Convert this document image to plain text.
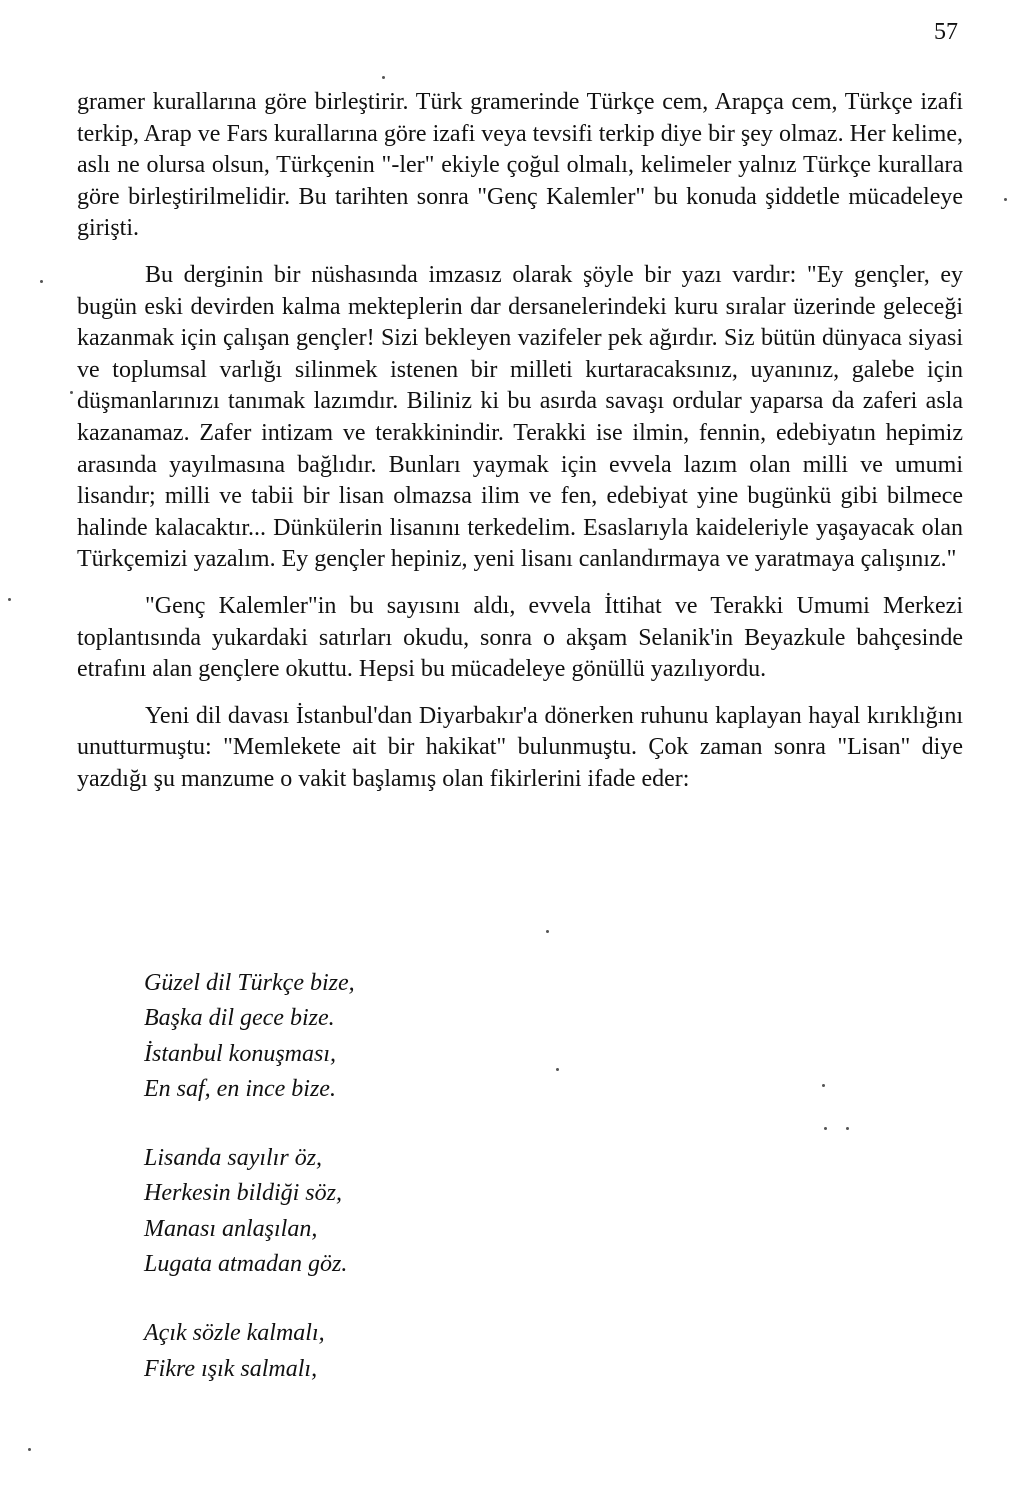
57

gramer kurallarına göre birleştirir. Türk gramerinde Türkçe cem, Arapça cem, Türkçe izafi terkip, Arap ve Fars kurallarına göre izafi veya tevsifi terkip diye bir şey olmaz. Her kelime, aslı ne olursa olsun, Türkçenin "-ler" ekiyle çoğul olmalı, kelimeler yalnız Türkçe kurallara göre birleştirilmelidir. Bu tarihten sonra "Genç Kalemler" bu konuda şiddetle mücadeleye girişti.

Bu derginin bir nüshasında imzasız olarak şöyle bir yazı vardır: "Ey gençler, ey bugün eski devirden kalma mekteplerin dar dersanelerindeki kuru sıralar üzerinde geleceği kazanmak için çalışan gençler! Sizi bekleyen vazifeler pek ağırdır. Siz bütün dünyaca siyasi ve toplumsal varlığı silinmek istenen bir milleti kurtaracaksınız, uyanınız, galebe için düşmanlarınızı tanımak lazımdır. Biliniz ki bu asırda savaşı ordular yaparsa da zaferi asla kazanamaz. Zafer intizam ve terakkinindir. Terakki ise ilmin, fennin, edebiyatın hepimiz arasında yayılmasına bağlıdır. Bunları yaymak için evvela lazım olan milli ve umumi lisandır; milli ve tabii bir lisan olmazsa ilim ve fen, edebiyat yine bugünkü gibi bilmece halinde kalacaktır... Dünkülerin lisanını terkedelim. Esaslarıyla kaideleriyle yaşayacak olan Türkçemizi yazalım. Ey gençler hepiniz, yeni lisanı canlandırmaya ve yaratmaya çalışınız."

"Genç Kalemler"in bu sayısını aldı, evvela İttihat ve Terakki Umumi Merkezi toplantısında yukardaki satırları okudu, sonra o akşam Selanik'in Beyazkule bahçesinde etrafını alan gençlere okuttu. Hepsi bu mücadeleye gönüllü yazılıyordu.

Yeni dil davası İstanbul'dan Diyarbakır'a dönerken ruhunu kaplayan hayal kırıklığını unutturmuştu: "Memlekete ait bir hakikat" bulunmuştu. Çok zaman sonra "Lisan" diye yazdığı şu manzume o vakit başlamış olan fikirlerini ifade eder:

Güzel dil Türkçe bize,
Başka dil gece bize.
İstanbul konuşması,
En saf, en ince bize.
Lisanda sayılır öz,
Herkesin bildiği söz,
Manası anlaşılan,
Lugata atmadan göz.
Açık sözle kalmalı,
Fikre ışık salmalı,
